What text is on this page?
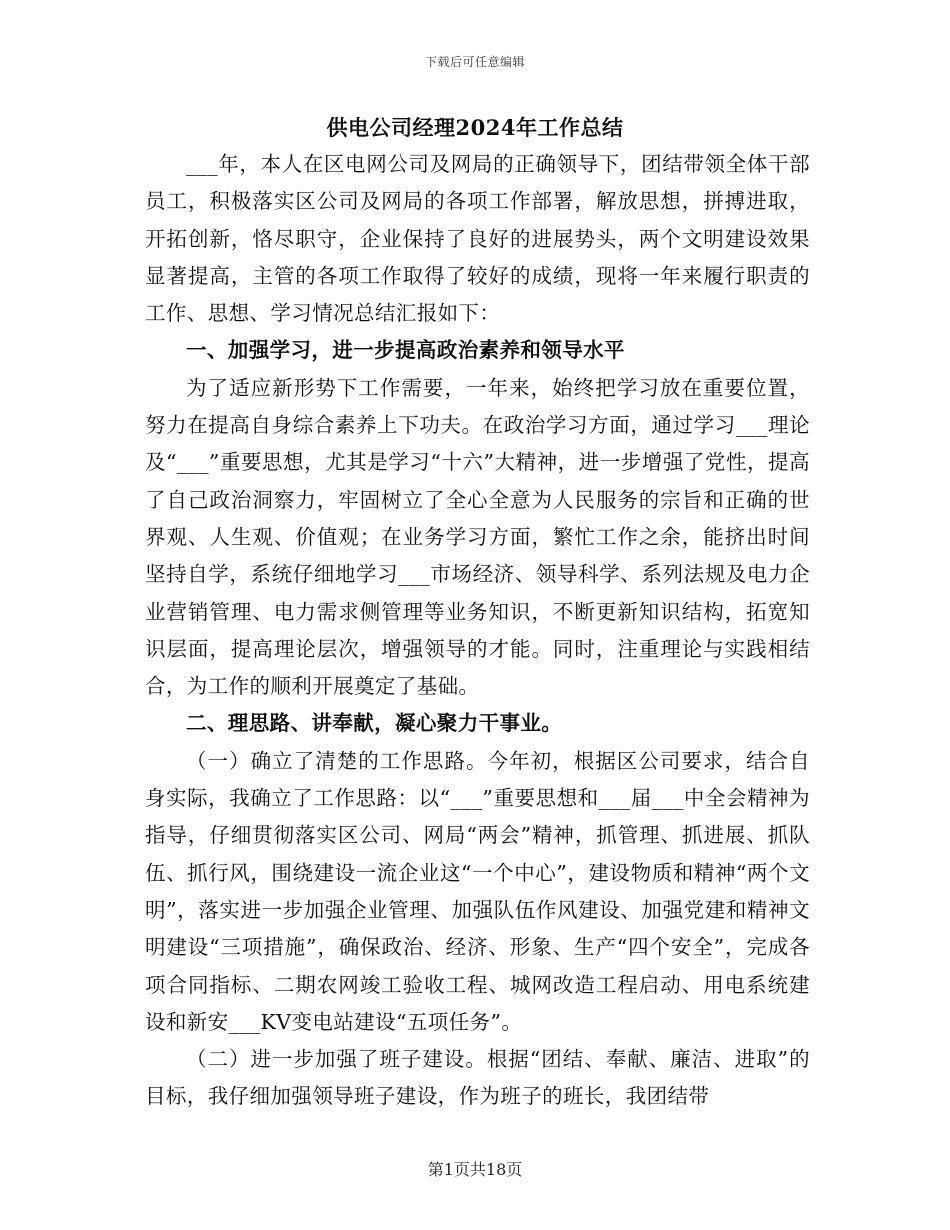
下载后可任意编辑
供电公司经理2024年工作总结

___年，本人在区电网公司及网局的正确领导下，团结带领全体干部员工，积极落实区公司及网局的各项工作部署，解放思想，拼搏进取，开拓创新，恪尽职守，企业保持了良好的进展势头，两个文明建设效果显著提高，主管的各项工作取得了较好的成绩，现将一年来履行职责的工作、思想、学习情况总结汇报如下：

一、加强学习，进一步提高政治素养和领导水平

为了适应新形势下工作需要，一年来，始终把学习放在重要位置，努力在提高自身综合素养上下功夫。在政治学习方面，通过学习___理论及“___”重要思想，尤其是学习“十六”大精神，进一步增强了党性，提高了自己政治洞察力，牢固树立了全心全意为人民服务的宗旨和正确的世界观、人生观、价值观；在业务学习方面，繁忙工作之余，能挤出时间坚持自学，系统仔细地学习___市场经济、领导科学、系列法规及电力企业营销管理、电力需求侧管理等业务知识，不断更新知识结构，拓宽知识层面，提高理论层次，增强领导的才能。同时，注重理论与实践相结合，为工作的顺利开展奠定了基础。

二、理思路、讲奉献，凝心聚力干事业。

（一）确立了清楚的工作思路。今年初，根据区公司要求，结合自身实际，我确立了工作思路：以“___”重要思想和___届___中全会精神为指导，仔细贯彻落实区公司、网局“两会”精神，抓管理、抓进展、抓队伍、抓行风，围绕建设一流企业这“一个中心”，建设物质和精神“两个文明”，落实进一步加强企业管理、加强队伍作风建设、加强党建和精神文明建设“三项措施”，确保政治、经济、形象、生产“四个安全”，完成各项合同指标、二期农网竣工验收工程、城网改造工程启动、用电系统建设和新安___KV变电站建设“五项任务”。

（二）进一步加强了班子建设。根据“团结、奉献、廉洁、进取”的目标，我仔细加强领导班子建设，作为班子的班长，我团结带

第1页共18页
